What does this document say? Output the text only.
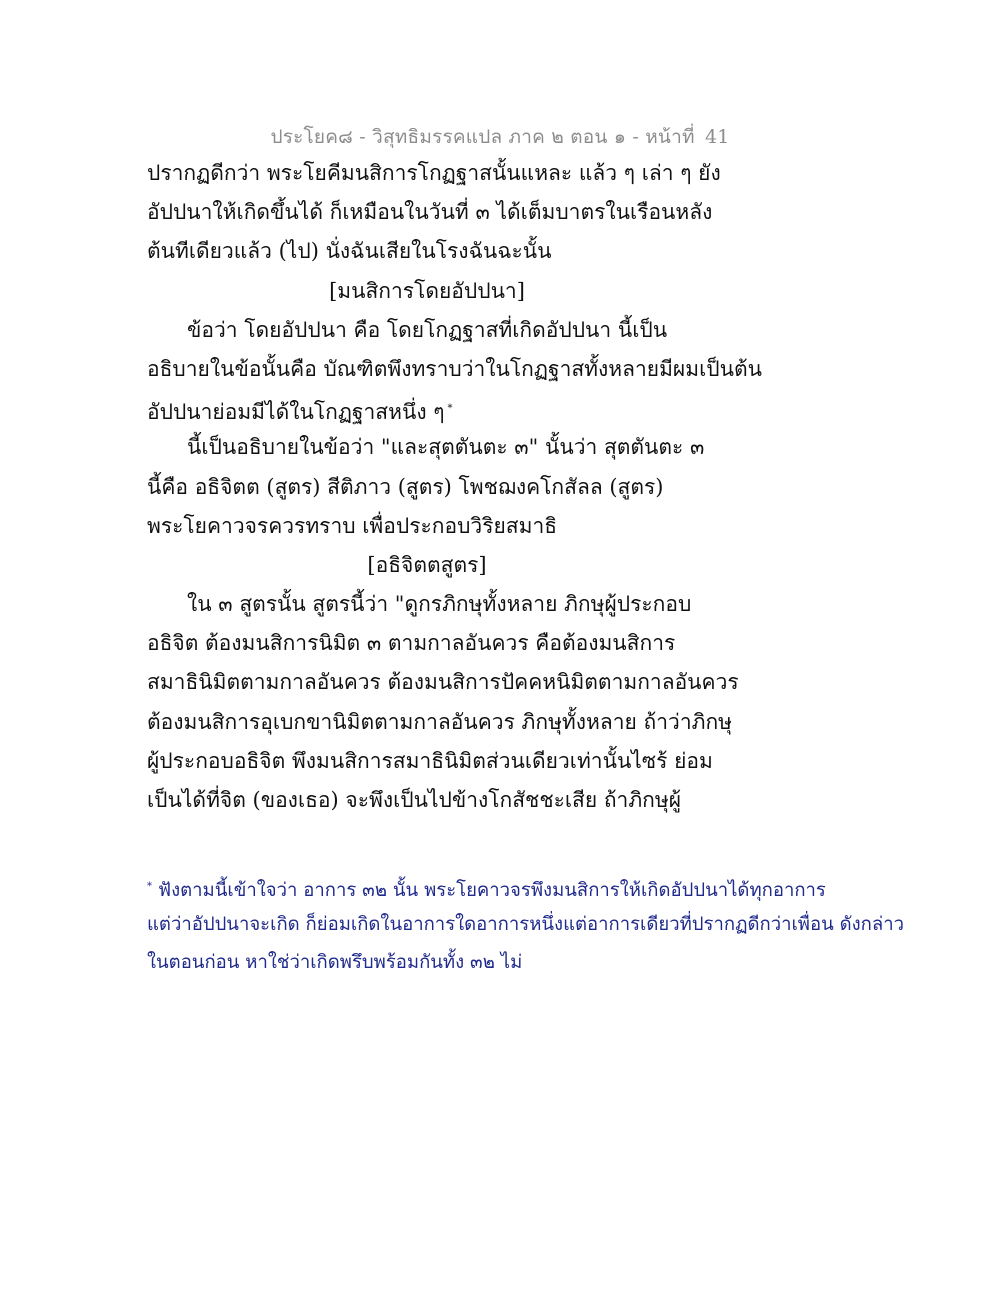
ประโยค๘ - วิสุทธิมรรคแปล ภาค ๒ ตอน ๑ - หน้าที่ 41
ปรากฏดีกว่า พระโยคีมนสิการโกฏฐาสนั้นแหละ แล้ว ๆ เล่า ๆ ยัง
อัปปนาให้เกิดขึ้นได้ ก็เหมือนในวันที่ ๓ ได้เต็มบาตรในเรือนหลัง
ต้นทีเดียวแล้ว (ไป) นั่งฉันเสียในโรงฉันฉะนั้น
[มนสิการโดยอัปปนา]
ข้อว่า โดยอัปปนา คือ โดยโกฏฐาสที่เกิดอัปปนา นี้เป็น
อธิบายในข้อนั้นคือ บัณฑิตพึงทราบว่าในโกฏฐาสทั้งหลายมีผมเป็นต้น
อัปปนาย่อมมีได้ในโกฏฐาสหนึ่ง ๆ *
นี้เป็นอธิบายในข้อว่า "และสุตตันตะ ๓" นั้นว่า สุตตันตะ ๓
นี้คือ อธิจิตต (สูตร) สีติภาว (สูตร) โพชฌงคโกสัลล (สูตร)
พระโยคาวจรควรทราบ เพื่อประกอบวิริยสมาธิ
[อธิจิตตสูตร]
ใน ๓ สูตรนั้น สูตรนี้ว่า "ดูกรภิกษุทั้งหลาย ภิกษุผู้ประกอบ
อธิจิต ต้องมนสิการนิมิต ๓ ตามกาลอันควร คือต้องมนสิการ
สมาธินิมิตตามกาลอันควร ต้องมนสิการปัคคหนิมิตตามกาลอันควร
ต้องมนสิการอุเบกขานิมิตตามกาลอันควร ภิกษุทั้งหลาย ถ้าว่าภิกษุ
ผู้ประกอบอธิจิต พึงมนสิการสมาธินิมิตส่วนเดียวเท่านั้นไซร้ ย่อม
เป็นได้ที่จิต (ของเธอ) จะพึงเป็นไปข้างโกสัชชะเสีย ถ้าภิกษุผู้
* ฟังตามนี้เข้าใจว่า อาการ ๓๒ นั้น พระโยคาวจรพึงมนสิการให้เกิดอัปปนาได้ทุกอาการ
แต่ว่าอัปปนาจะเกิด ก็ย่อมเกิดในอาการใดอาการหนึ่งแต่อาการเดียวที่ปรากฏดีกว่าเพื่อน ดังกล่าว
ในตอนก่อน หาใช่ว่าเกิดพรึบพร้อมกันทั้ง ๓๒ ไม่
